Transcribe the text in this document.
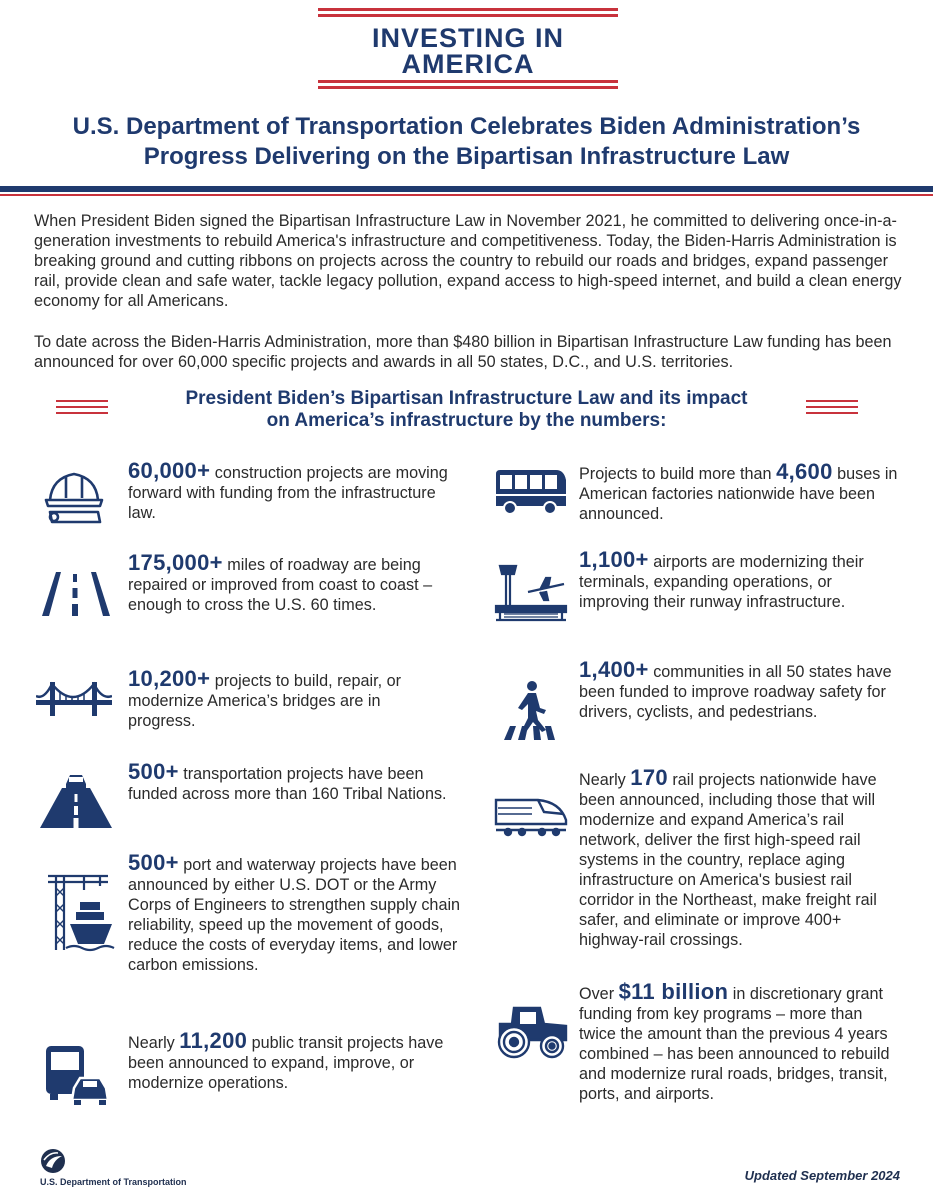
INVESTING IN
AMERICA
U.S. Department of Transportation Celebrates Biden Administration’s
Progress Delivering on the Bipartisan Infrastructure Law
When President Biden signed the Bipartisan Infrastructure Law in November 2021, he committed to delivering once-in-a-generation investments to rebuild America's infrastructure and competitiveness. Today, the Biden-Harris Administration is breaking ground and cutting ribbons on projects across the country to rebuild our roads and bridges, expand passenger rail, provide clean and safe water, tackle legacy pollution, expand access to high-speed internet, and build a clean energy economy for all Americans.
To date across the Biden-Harris Administration, more than $480 billion in Bipartisan Infrastructure Law funding has been announced for over 60,000 specific projects and awards in all 50 states, D.C., and U.S. territories.
President Biden’s Bipartisan Infrastructure Law and its impact
on America’s infrastructure by the numbers:
60,000+ construction projects are moving forward with funding from the infrastructure law.
175,000+ miles of roadway are being repaired or improved from coast to coast – enough to cross the U.S. 60 times.
10,200+ projects to build, repair, or modernize America’s bridges are in progress.
500+ transportation projects have been funded across more than 160 Tribal Nations.
500+ port and waterway projects have been announced by either U.S. DOT or the Army Corps of Engineers to strengthen supply chain reliability, speed up the movement of goods, reduce the costs of everyday items, and lower carbon emissions.
Nearly 11,200 public transit projects have been announced to expand, improve, or modernize operations.
Projects to build more than 4,600 buses in American factories nationwide have been announced.
1,100+ airports are modernizing their terminals, expanding operations, or improving their runway infrastructure.
1,400+ communities in all 50 states have been funded to improve roadway safety for drivers, cyclists, and pedestrians.
Nearly 170 rail projects nationwide have been announced, including those that will modernize and expand America’s rail network, deliver the first high-speed rail systems in the country, replace aging infrastructure on America's busiest rail corridor in the Northeast, make freight rail safer, and eliminate or improve 400+ highway-rail crossings.
Over $11 billion in discretionary grant funding from key programs – more than twice the amount than the previous 4 years combined – has been announced to rebuild and modernize rural roads, bridges, transit, ports, and airports.
U.S. Department of Transportation	Updated September 2024
